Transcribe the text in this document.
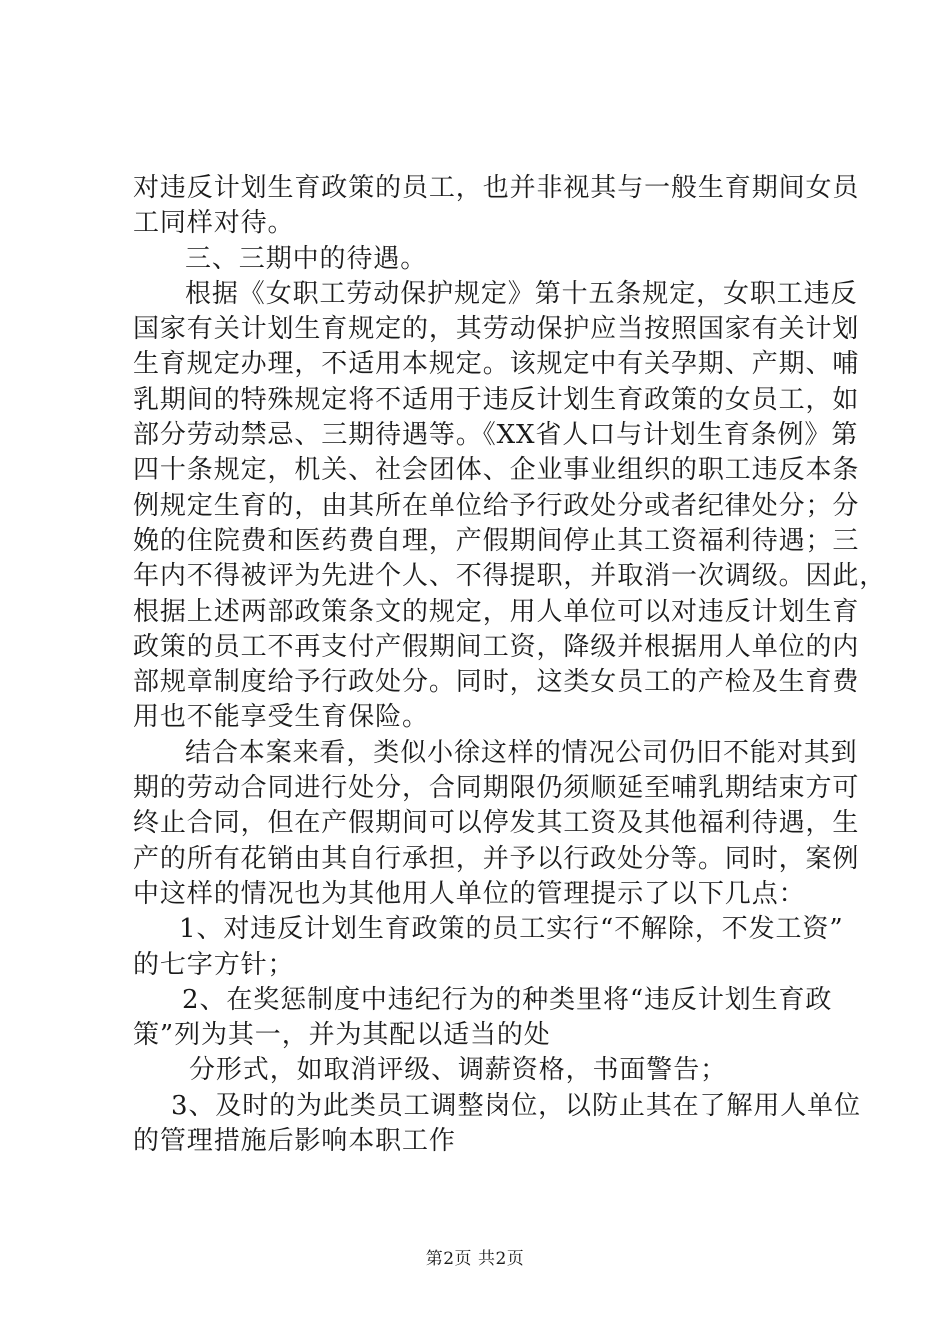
对违反计划生育政策的员工，也并非视其与一般生育期间女员
工同样对待。
三、三期中的待遇。
根据《女职工劳动保护规定》第十五条规定，女职工违反
国家有关计划生育规定的，其劳动保护应当按照国家有关计划
生育规定办理，不适用本规定。该规定中有关孕期、产期、哺
乳期间的特殊规定将不适用于违反计划生育政策的女员工，如
部分劳动禁忌、三期待遇等。《XX省人口与计划生育条例》第
四十条规定，机关、社会团体、企业事业组织的职工违反本条
例规定生育的，由其所在单位给予行政处分或者纪律处分；分
娩的住院费和医药费自理，产假期间停止其工资福利待遇；三
年内不得被评为先进个人、不得提职，并取消一次调级。因此，
根据上述两部政策条文的规定，用人单位可以对违反计划生育
政策的员工不再支付产假期间工资，降级并根据用人单位的内
部规章制度给予行政处分。同时，这类女员工的产检及生育费
用也不能享受生育保险。
结合本案来看，类似小徐这样的情况公司仍旧不能对其到
期的劳动合同进行处分，合同期限仍须顺延至哺乳期结束方可
终止合同，但在产假期间可以停发其工资及其他福利待遇，生
产的所有花销由其自行承担，并予以行政处分等。同时，案例
中这样的情况也为其他用人单位的管理提示了以下几点：
1、对违反计划生育政策的员工实行“不解除，不发工资”
的七字方针；
2、在奖惩制度中违纪行为的种类里将“违反计划生育政
策”列为其一，并为其配以适当的处
分形式，如取消评级、调薪资格，书面警告；
3、及时的为此类员工调整岗位，以防止其在了解用人单位
的管理措施后影响本职工作
第2页 共2页
